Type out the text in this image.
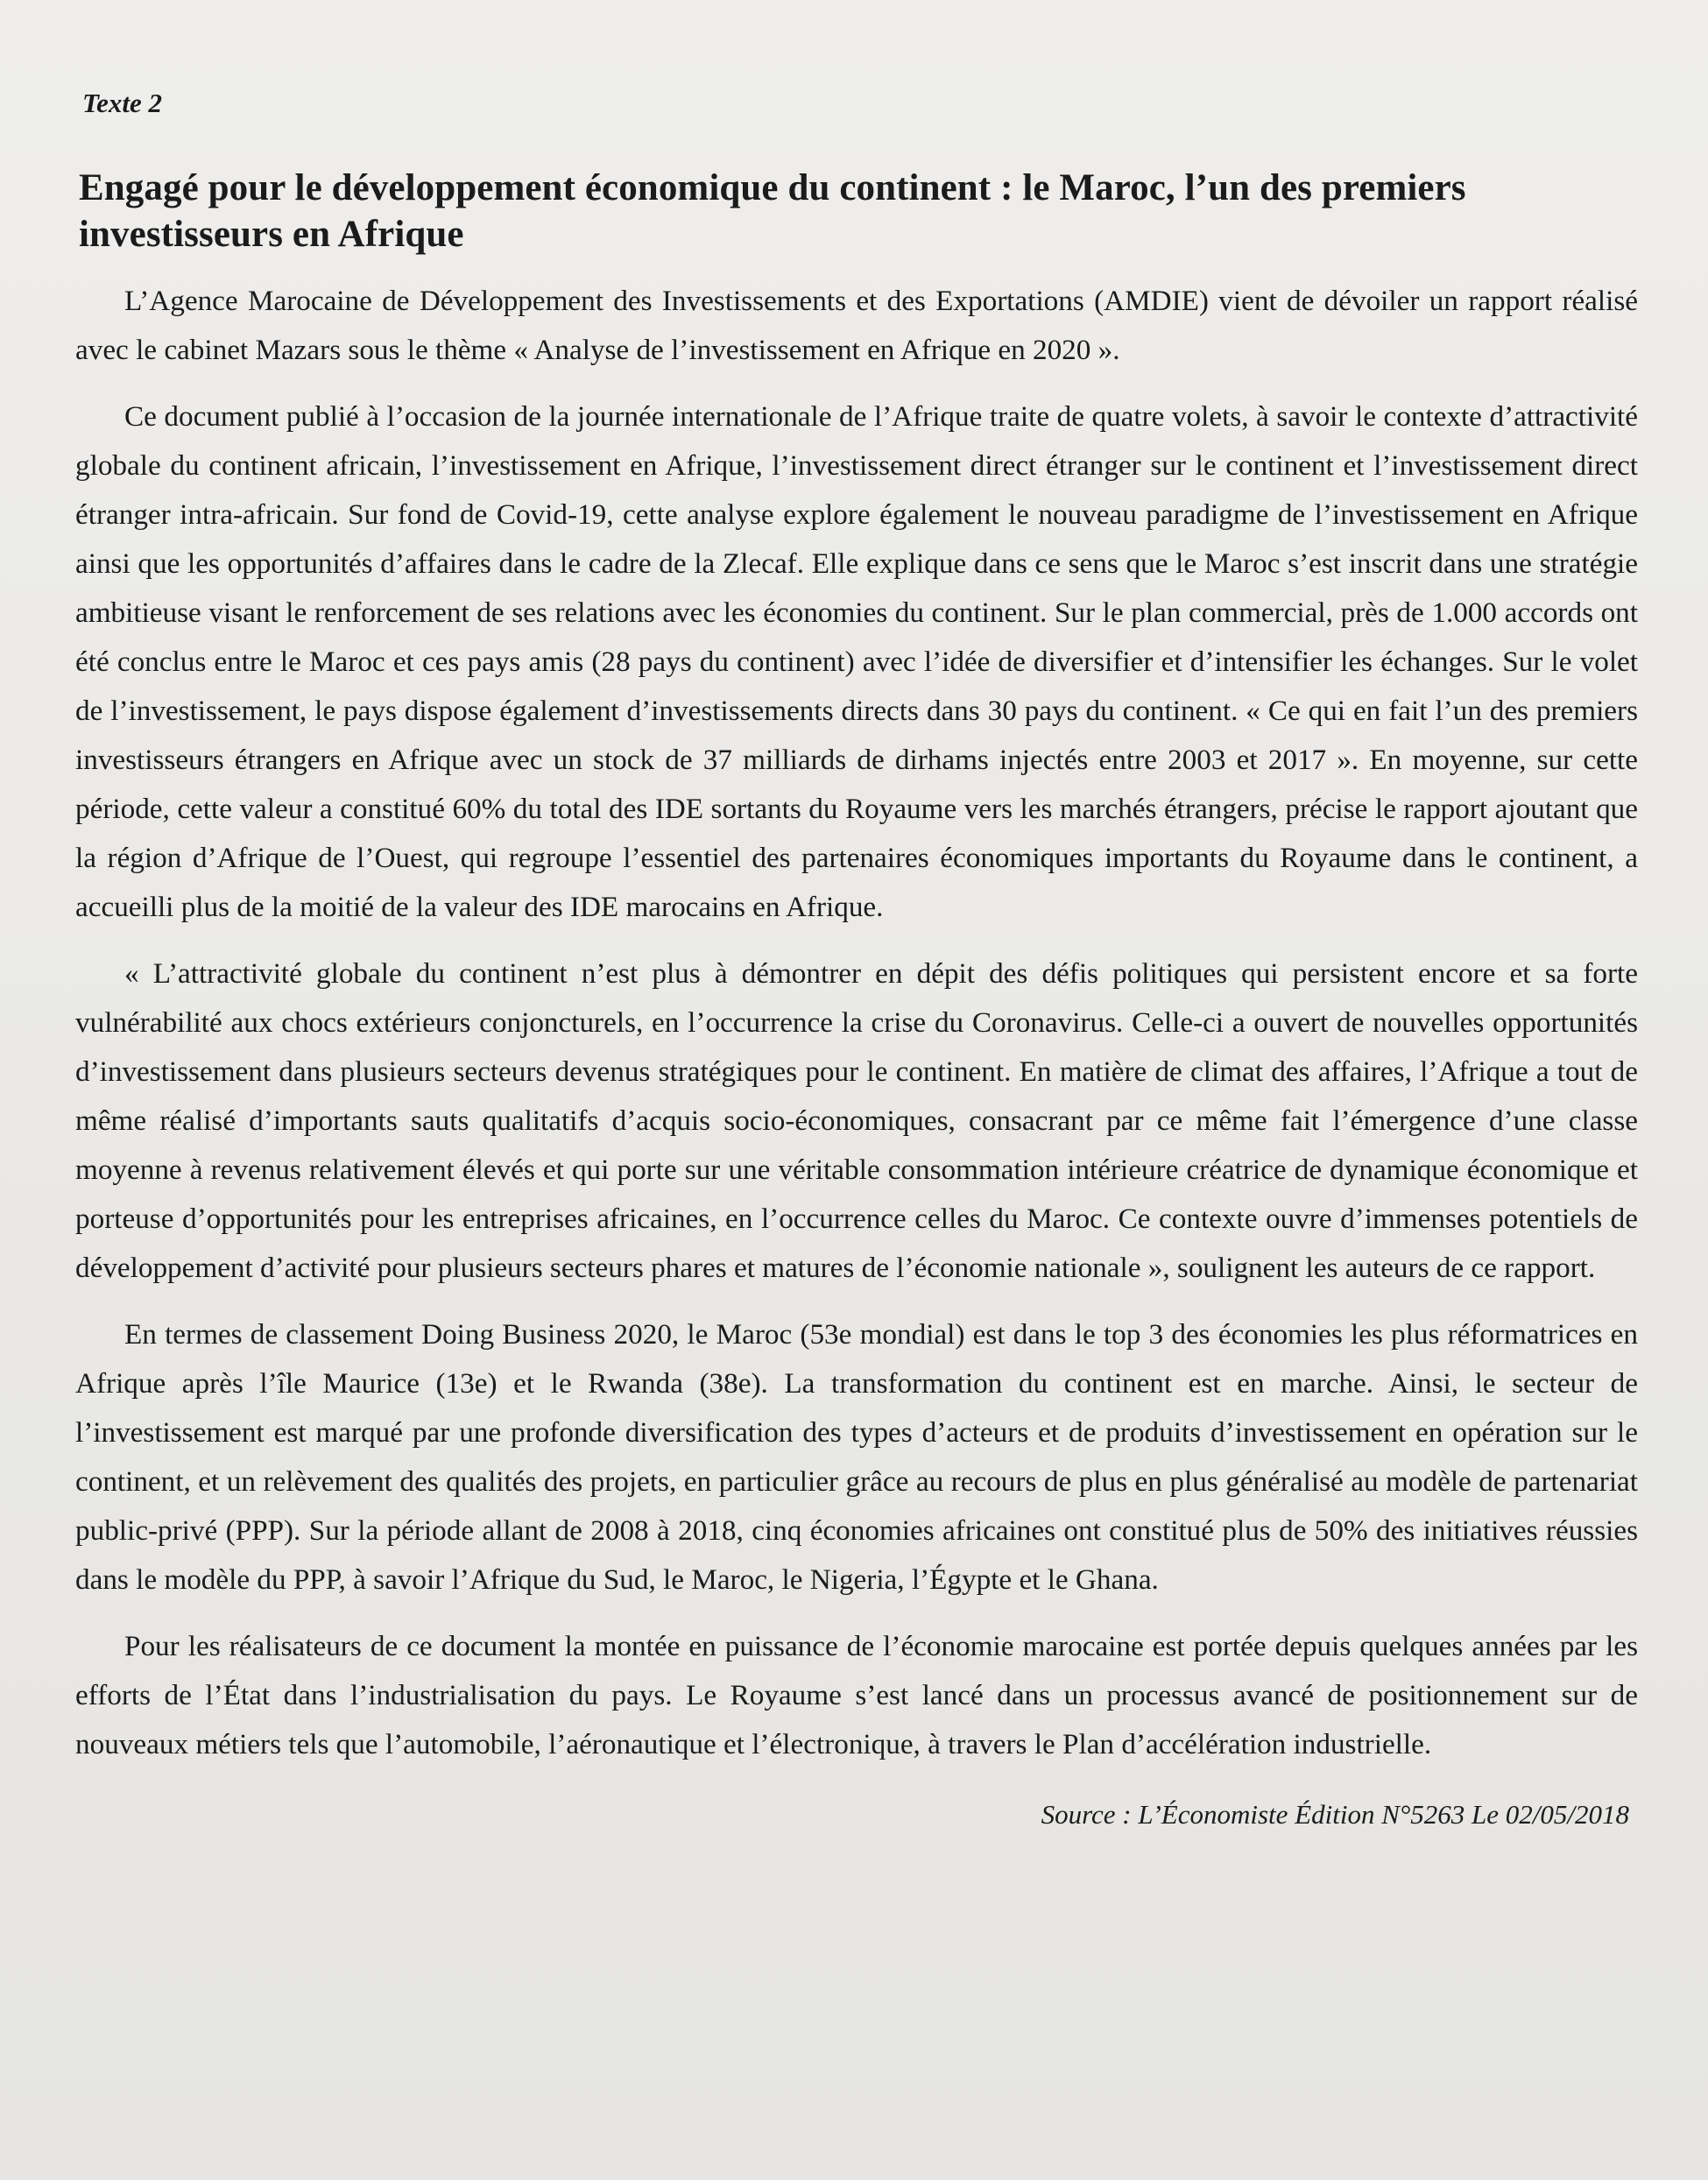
Texte 2
Engagé pour le développement économique du continent : le Maroc, l’un des premiers investisseurs en Afrique

L’Agence Marocaine de Développement des Investissements et des Exportations (AMDIE) vient de dévoiler un rapport réalisé avec le cabinet Mazars sous le thème « Analyse de l’investissement en Afrique en 2020 ».

Ce document publié à l’occasion de la journée internationale de l’Afrique traite de quatre volets, à savoir le contexte d’attractivité globale du continent africain, l’investissement en Afrique, l’investissement direct étranger sur le continent et l’investissement direct étranger intra-africain. Sur fond de Covid-19, cette analyse explore également le nouveau paradigme de l’investissement en Afrique ainsi que les opportunités d’affaires dans le cadre de la Zlecaf. Elle explique dans ce sens que le Maroc s’est inscrit dans une stratégie ambitieuse visant le renforcement de ses relations avec les économies du continent. Sur le plan commercial, près de 1.000 accords ont été conclus entre le Maroc et ces pays amis (28 pays du continent) avec l’idée de diversifier et d’intensifier les échanges. Sur le volet de l’investissement, le pays dispose également d’investissements directs dans 30 pays du continent. « Ce qui en fait l’un des premiers investisseurs étrangers en Afrique avec un stock de 37 milliards de dirhams injectés entre 2003 et 2017 ». En moyenne, sur cette période, cette valeur a constitué 60% du total des IDE sortants du Royaume vers les marchés étrangers, précise le rapport ajoutant que la région d’Afrique de l’Ouest, qui regroupe l’essentiel des partenaires économiques importants du Royaume dans le continent, a accueilli plus de la moitié de la valeur des IDE marocains en Afrique.

« L’attractivité globale du continent n’est plus à démontrer en dépit des défis politiques qui persistent encore et sa forte vulnérabilité aux chocs extérieurs conjoncturels, en l’occurrence la crise du Coronavirus. Celle-ci a ouvert de nouvelles opportunités d’investissement dans plusieurs secteurs devenus stratégiques pour le continent. En matière de climat des affaires, l’Afrique a tout de même réalisé d’importants sauts qualitatifs d’acquis socio-économiques, consacrant par ce même fait l’émergence d’une classe moyenne à revenus relativement élevés et qui porte sur une véritable consommation intérieure créatrice de dynamique économique et porteuse d’opportunités pour les entreprises africaines, en l’occurrence celles du Maroc. Ce contexte ouvre d’immenses potentiels de développement d’activité pour plusieurs secteurs phares et matures de l’économie nationale », soulignent les auteurs de ce rapport.

En termes de classement Doing Business 2020, le Maroc (53e mondial) est dans le top 3 des économies les plus réformatrices en Afrique après l’île Maurice (13e) et le Rwanda (38e). La transformation du continent est en marche. Ainsi, le secteur de l’investissement est marqué par une profonde diversification des types d’acteurs et de produits d’investissement en opération sur le continent, et un relèvement des qualités des projets, en particulier grâce au recours de plus en plus généralisé au modèle de partenariat public-privé (PPP). Sur la période allant de 2008 à 2018, cinq économies africaines ont constitué plus de 50% des initiatives réussies dans le modèle du PPP, à savoir l’Afrique du Sud, le Maroc, le Nigeria, l’Égypte et le Ghana.

Pour les réalisateurs de ce document la montée en puissance de l’économie marocaine est portée depuis quelques années par les efforts de l’État dans l’industrialisation du pays. Le Royaume s’est lancé dans un processus avancé de positionnement sur de nouveaux métiers tels que l’automobile, l’aéronautique et l’électronique, à travers le Plan d’accélération industrielle.

Source : L’Économiste Édition N°5263 Le 02/05/2018
